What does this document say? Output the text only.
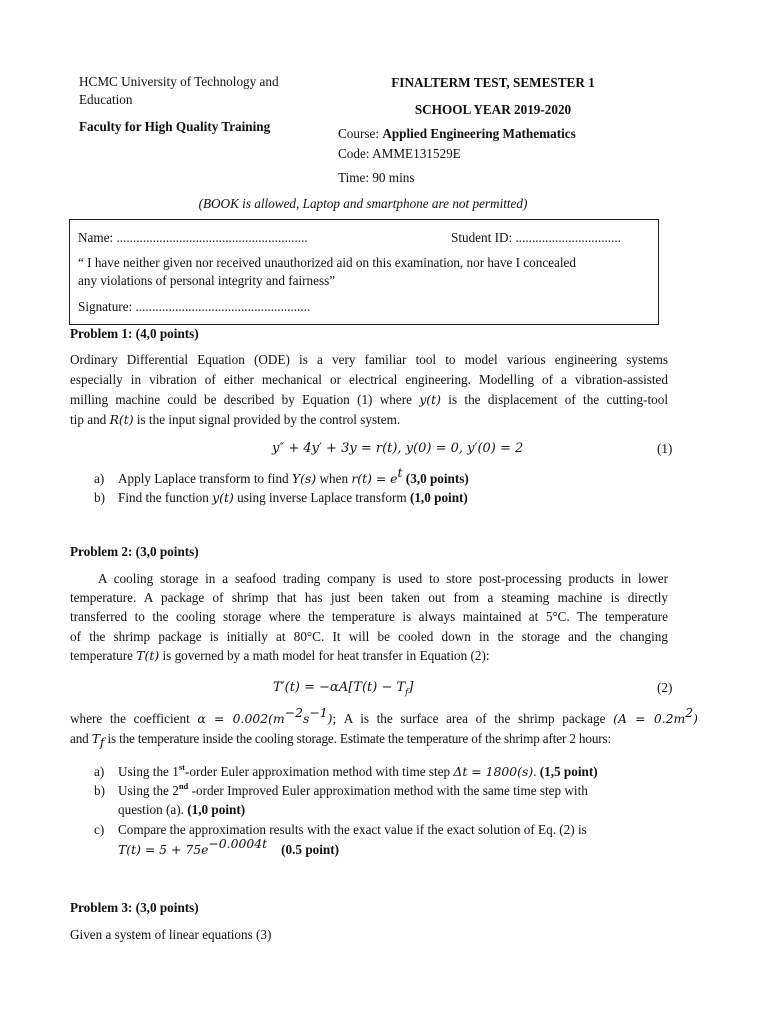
HCMC University of Technology and Education
Faculty for High Quality Training
FINALTERM TEST, SEMESTER 1
SCHOOL YEAR 2019-2020
Course: Applied Engineering Mathematics
Code: AMME131529E
Time: 90 mins
(BOOK is allowed, Laptop and smartphone are not permitted)
Name: ..........................................................	Student ID: ................................
“ I have neither given nor received unauthorized aid on this examination, nor have I concealed
any violations of personal integrity and fairness”
Signature: .....................................................
Problem 1: (4,0 points)
Ordinary Differential Equation (ODE) is a very familiar tool to model various engineering systems
especially in vibration of either mechanical or electrical engineering. Modelling of a vibration-assisted
milling machine could be described by Equation (1) where y(t) is the displacement of the cutting-tool
tip and R(t) is the input signal provided by the control system.
y″ + 4y′ + 3y = r(t), y(0) = 0, y′(0) = 2	(1)
a) Apply Laplace transform to find Y(s) when $r(t) = e^t$ (3,0 points)
b) Find the function y(t) using inverse Laplace transform (1,0 point)
Problem 2: (3,0 points)
A cooling storage in a seafood trading company is used to store post-processing products in lower
temperature. A package of shrimp that has just been taken out from a steaming machine is directly
transferred to the cooling storage where the temperature is always maintained at 5°C. The temperature
of the shrimp package is initially at 80°C. It will be cooled down in the storage and the changing
temperature T(t) is governed by a math model for heat transfer in Equation (2):
$T'(t) = -\alpha A[T(t) - T_f]$	(2)
where the coefficient $\alpha = 0.002(m^{-2}s^{-1})$; A is the surface area of the shrimp package $(A = 0.2m^2)$
and $T_f$ is the temperature inside the cooling storage. Estimate the temperature of the shrimp after 2 hours:
a) Using the 1st-order Euler approximation method with time step Δt = 1800(s). (1,5 point)
b) Using the 2nd -order Improved Euler approximation method with the same time step with
question (a). (1,0 point)
c) Compare the approximation results with the exact value if the exact solution of Eq. (2) is
$T(t) = 5 + 75e^{-0.0004t}$ (0.5 point)
Problem 3: (3,0 points)
Given a system of linear equations (3)
